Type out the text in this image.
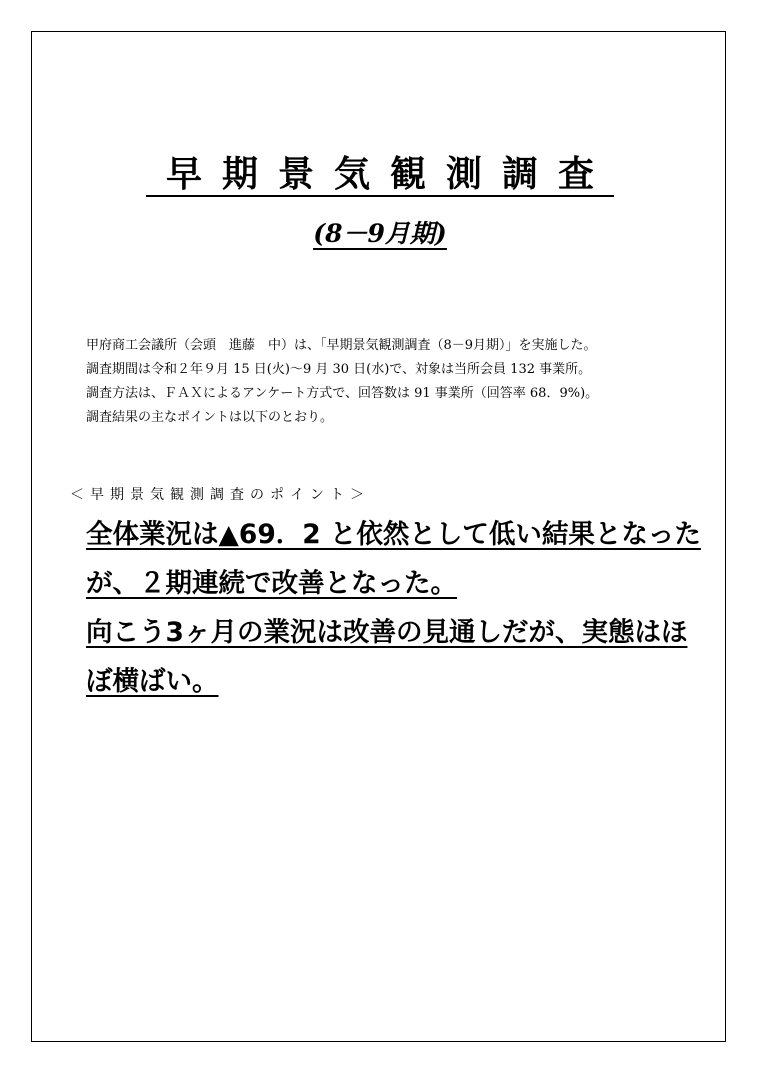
早期景気観測調査
(8－9月期)

甲府商工会議所（会頭　進藤　中）は、「早期景気観測調査（8－9月期）」を実施した。

調査期間は令和２年９月 15 日(火)～9 月 30 日(水)で、対象は当所会員 132 事業所。

調査方法は、ＦＡＸによるアンケート方式で、回答数は 91 事業所（回答率 68．9%)。

調査結果の主なポイントは以下のとおり。

＜早期景気観測調査のポイント＞

全体業況は▲69．2 と依然として低い結果となった

が、２期連続で改善となった。

向こう3ヶ月の業況は改善の見通しだが、実態はほ

ぼ横ばい。
